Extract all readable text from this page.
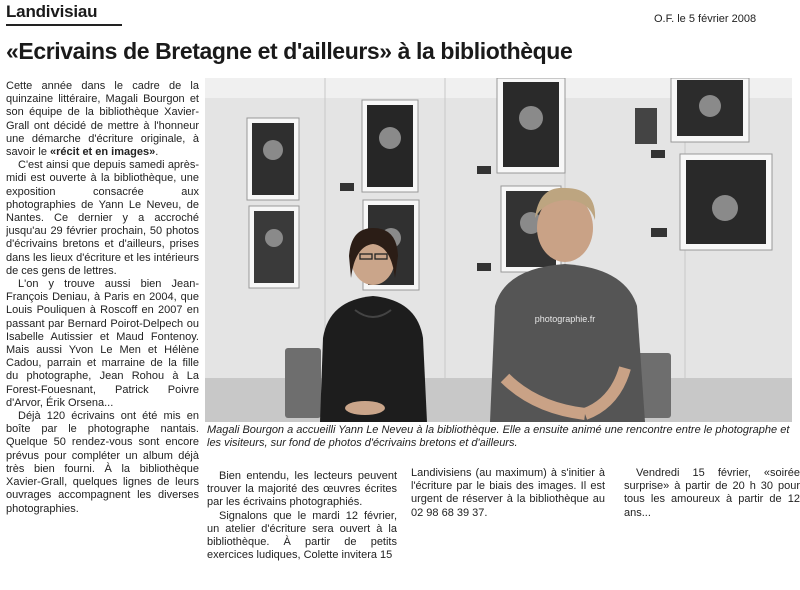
Landivisiau	O.F. le 5 février 2008
«Ecrivains de Bretagne et d'ailleurs» à la bibliothèque

Cette année dans le cadre de la quinzaine littéraire, Magali Bourgon et son équipe de la bibliothèque Xavier-Grall ont décidé de mettre à l'honneur une démarche d'écriture originale, à savoir le «récit et en images».

C'est ainsi que depuis samedi après-midi est ouverte à la bibliothèque, une exposition consacrée aux photographies de Yann Le Neveu, de Nantes. Ce dernier y a accroché jusqu'au 29 février prochain, 50 photos d'écrivains bretons et d'ailleurs, prises dans les lieux d'écriture et les intérieurs de ces gens de lettres.

L'on y trouve aussi bien Jean-François Deniau, à Paris en 2004, que Louis Pouliquen à Roscoff en 2007 en passant par Bernard Poirot-Delpech ou Isabelle Autissier et Maud Fontenoy. Mais aussi Yvon Le Men et Hélène Cadou, parrain et marraine de la fille du photographe, Jean Rohou à La Forest-Fouesnant, Patrick Poivre d'Arvor, Érik Orsena...

Déjà 120 écrivains ont été mis en boîte par le photographe nantais. Quelque 50 rendez-vous sont encore prévus pour compléter un album déjà très bien fourni. À la bibliothèque Xavier-Grall, quelques lignes de leurs ouvrages accompagnent les diverses photographies.

photographie.fr
Magali Bourgon a accueilli Yann Le Neveu à la bibliothèque. Elle a ensuite animé une rencontre entre le photographe et les visiteurs, sur fond de photos d'écrivains bretons et d'ailleurs.

Bien entendu, les lecteurs peuvent trouver la majorité des œuvres écrites par les écrivains photographiés.

Signalons que le mardi 12 février, un atelier d'écriture sera ouvert à la bibliothèque. À partir de petits exercices ludiques, Colette invitera 15

Landivisiens (au maximum) à s'initier à l'écriture par le biais des images. Il est urgent de réserver à la bibliothèque au 02 98 68 39 37.

Vendredi 15 février, «soirée surprise» à partir de 20 h 30 pour tous les amoureux à partir de 12 ans...
